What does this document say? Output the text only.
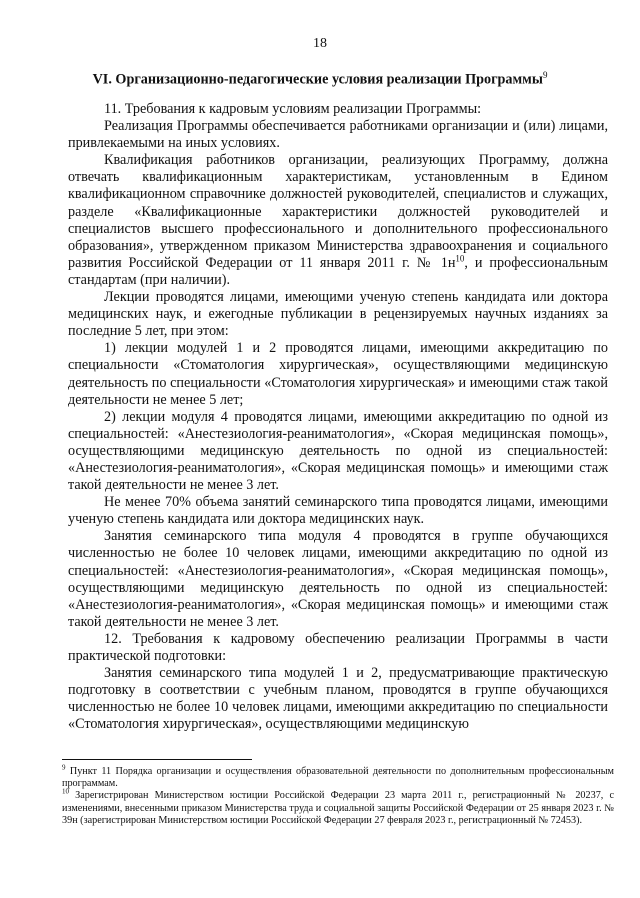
18
VI. Организационно-педагогические условия реализации Программы$^9$

11. Требования к кадровым условиям реализации Программы:

Реализация Программы обеспечивается работниками организации и (или) лицами, привлекаемыми на иных условиях.

Квалификация работников организации, реализующих Программу, должна отвечать квалификационным характеристикам, установленным в Едином квалификационном справочнике должностей руководителей, специалистов и служащих, разделе «Квалификационные характеристики должностей руководителей и специалистов высшего профессионального и дополнительного профессионального образования», утвержденном приказом Министерства здравоохранения и социального развития Российской Федерации от 11 января 2011 г. № $1н^{10}$, и профессиональным стандартам (при наличии).

Лекции проводятся лицами, имеющими ученую степень кандидата или доктора медицинских наук, и ежегодные публикации в рецензируемых научных изданиях за последние 5 лет, при этом:

1) лекции модулей 1 и 2 проводятся лицами, имеющими аккредитацию по специальности «Стоматология хирургическая», осуществляющими медицинскую деятельность по специальности «Стоматология хирургическая» и имеющими стаж такой деятельности не менее 5 лет;

2) лекции модуля 4 проводятся лицами, имеющими аккредитацию по одной из специальностей: «Анестезиология-реаниматология», «Скорая медицинская помощь», осуществляющими медицинскую деятельность по одной из специальностей: «Анестезиология-реаниматология», «Скорая медицинская помощь» и имеющими стаж такой деятельности не менее 3 лет.

Не менее 70% объема занятий семинарского типа проводятся лицами, имеющими ученую степень кандидата или доктора медицинских наук.

Занятия семинарского типа модуля 4 проводятся в группе обучающихся численностью не более 10 человек лицами, имеющими аккредитацию по одной из специальностей: «Анестезиология-реаниматология», «Скорая медицинская помощь», осуществляющими медицинскую деятельность по одной из специальностей: «Анестезиология-реаниматология», «Скорая медицинская помощь» и имеющими стаж такой деятельности не менее 3 лет.

12. Требования к кадровому обеспечению реализации Программы в части практической подготовки:

Занятия семинарского типа модулей 1 и 2, предусматривающие практическую подготовку в соответствии с учебным планом, проводятся в группе обучающихся численностью не более 10 человек лицами, имеющими аккредитацию по специальности «Стоматология хирургическая», осуществляющими медицинскую

$^9$ Пункт 11 Порядка организации и осуществления образовательной деятельности по дополнительным профессиональным программам.

$^{10}$ Зарегистрирован Министерством юстиции Российской Федерации 23 марта 2011 г., регистрационный № 20237, с изменениями, внесенными приказом Министерства труда и социальной защиты Российской Федерации от 25 января 2023 г. № 39н (зарегистрирован Министерством юстиции Российской Федерации 27 февраля 2023 г., регистрационный № 72453).
